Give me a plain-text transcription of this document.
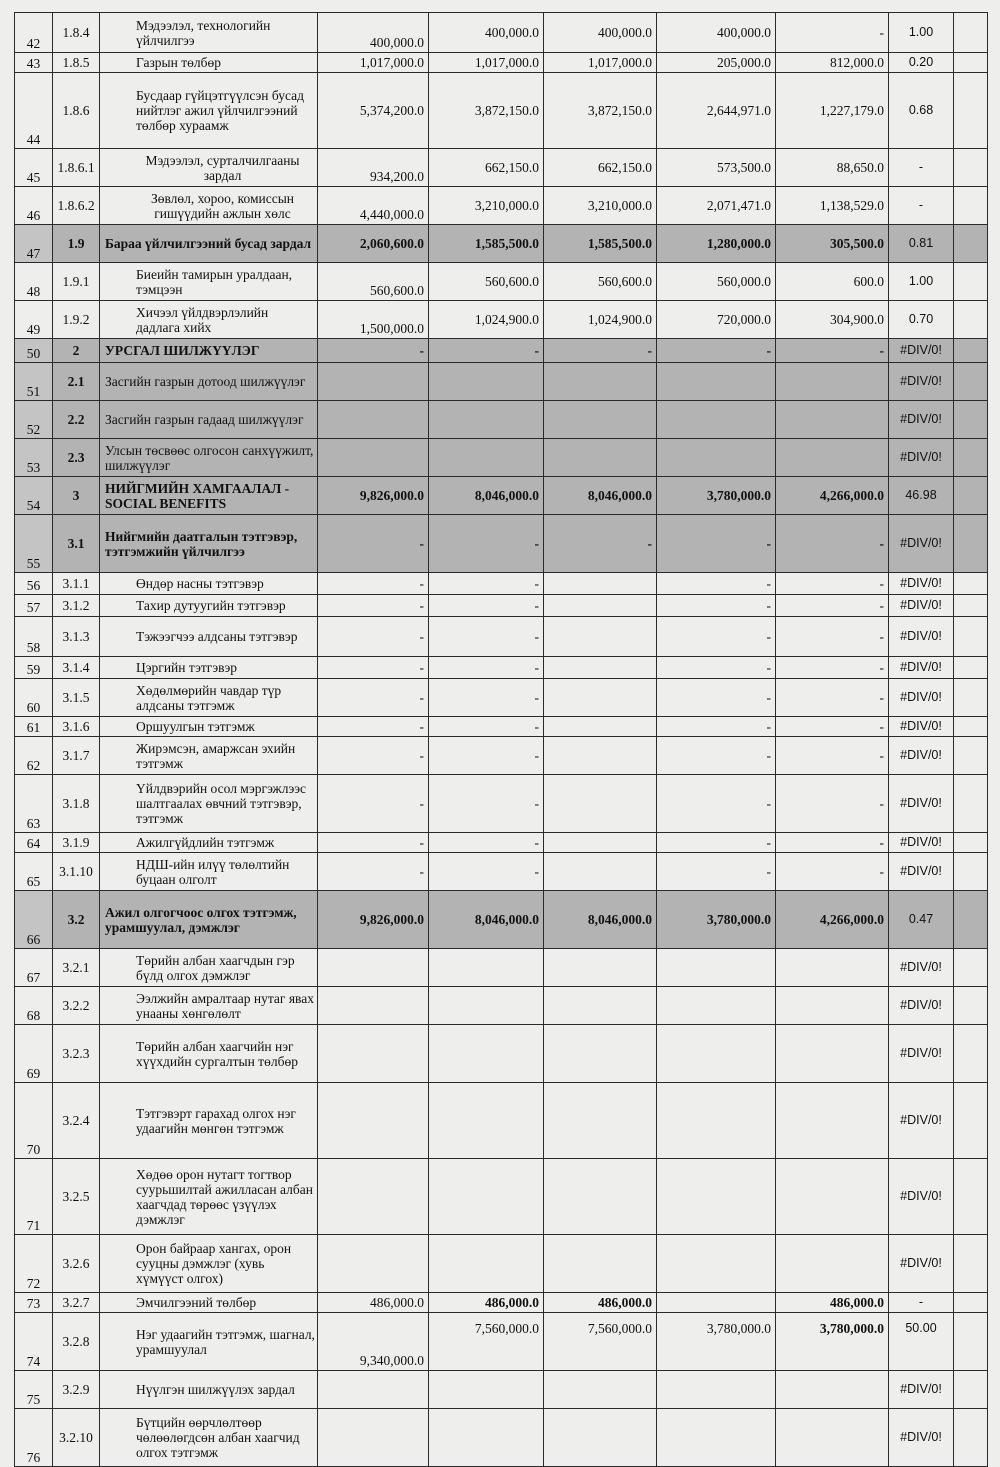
42	1.8.4	Мэдээлэл, технологийн үйлчилгээ	400,000.0	400,000.0	400,000.0	400,000.0	-	1.00	
43	1.8.5	Газрын төлбөр	1,017,000.0	1,017,000.0	1,017,000.0	205,000.0	812,000.0	0.20	
44	1.8.6	Бусдаар гүйцэтгүүлсэн бусад нийтлэг ажил үйлчилгээний төлбөр хураамж	5,374,200.0	3,872,150.0	3,872,150.0	2,644,971.0	1,227,179.0	0.68	
45	1.8.6.1	Мэдээлэл, сурталчилгааны зардал	934,200.0	662,150.0	662,150.0	573,500.0	88,650.0	-	
46	1.8.6.2	Зөвлөл, хороо, комиссын гишүүдийн ажлын хөлс	4,440,000.0	3,210,000.0	3,210,000.0	2,071,471.0	1,138,529.0	-	
47	1.9	Бараа үйлчилгээний бусад зардал	2,060,600.0	1,585,500.0	1,585,500.0	1,280,000.0	305,500.0	0.81	
48	1.9.1	Биеийн тамирын уралдаан, тэмцээн	560,600.0	560,600.0	560,600.0	560,000.0	600.0	1.00	
49	1.9.2	Хичээл үйлдвэрлэлийн дадлага хийх	1,500,000.0	1,024,900.0	1,024,900.0	720,000.0	304,900.0	0.70	
50	2	УРСГАЛ ШИЛЖҮҮЛЭГ	-	-	-	-	-	#DIV/0!	
51	2.1	Засгийн газрын дотоод шилжүүлэг						#DIV/0!	
52	2.2	Засгийн газрын гадаад шилжүүлэг						#DIV/0!	
53	2.3	Улсын төсвөөс олгосон санхүүжилт, шилжүүлэг						#DIV/0!	
54	3	НИЙГМИЙН ХАМГААЛАЛ - SOCIAL BENEFITS	9,826,000.0	8,046,000.0	8,046,000.0	3,780,000.0	4,266,000.0	46.98	
55	3.1	Нийгмийн даатгалын тэтгэвэр, тэтгэмжийн үйлчилгээ	-	-	-	-	-	#DIV/0!	
56	3.1.1	Өндөр насны тэтгэвэр	-	-		-	-	#DIV/0!	
57	3.1.2	Тахир дутуугийн тэтгэвэр	-	-		-	-	#DIV/0!	
58	3.1.3	Тэжээгчээ алдсаны тэтгэвэр	-	-		-	-	#DIV/0!	
59	3.1.4	Цэргийн тэтгэвэр	-	-		-	-	#DIV/0!	
60	3.1.5	Хөдөлмөрийн чавдар түр алдсаны тэтгэмж	-	-		-	-	#DIV/0!	
61	3.1.6	Оршуулгын тэтгэмж	-	-		-	-	#DIV/0!	
62	3.1.7	Жирэмсэн, амаржсан эхийн тэтгэмж	-	-		-	-	#DIV/0!	
63	3.1.8	Үйлдвэрийн осол мэргэжлээс шалтгаалах өвчний тэтгэвэр, тэтгэмж	-	-		-	-	#DIV/0!	
64	3.1.9	Ажилгүйдлийн тэтгэмж	-	-		-	-	#DIV/0!	
65	3.1.10	НДШ-ийн илүү төлөлтийн буцаан олголт	-	-		-	-	#DIV/0!	
66	3.2	Ажил олгогчоос олгох тэтгэмж, урамшуулал, дэмжлэг	9,826,000.0	8,046,000.0	8,046,000.0	3,780,000.0	4,266,000.0	0.47	
67	3.2.1	Төрийн албан хаагчдын гэр бүлд олгох дэмжлэг						#DIV/0!	
68	3.2.2	Ээлжийн амралтаар нутаг явах унааны хөнгөлөлт						#DIV/0!	
69	3.2.3	Төрийн албан хаагчийн нэг хүүхдийн сургалтын төлбөр						#DIV/0!	
70	3.2.4	Тэтгэвэрт гарахад олгох нэг удаагийн мөнгөн тэтгэмж						#DIV/0!	
71	3.2.5	Хөдөө орон нутагт тогтвор суурьшилтай ажилласан албан хаагчдад төрөөс үзүүлэх дэмжлэг						#DIV/0!	
72	3.2.6	Орон байраар хангах, орон сууцны дэмжлэг (хувь хүмүүст олгох)						#DIV/0!	
73	3.2.7	Эмчилгээний төлбөр	486,000.0	486,000.0	486,000.0		486,000.0	-	
74	3.2.8	Нэг удаагийн тэтгэмж, шагнал, урамшуулал	9,340,000.0	7,560,000.0	7,560,000.0	3,780,000.0	3,780,000.0	50.00	
75	3.2.9	Нүүлгэн шилжүүлэх зардал						#DIV/0!	
76	3.2.10	Бүтцийн өөрчлөлтөөр чөлөөлөгдсөн албан хаагчид олгох тэтгэмж						#DIV/0!	
